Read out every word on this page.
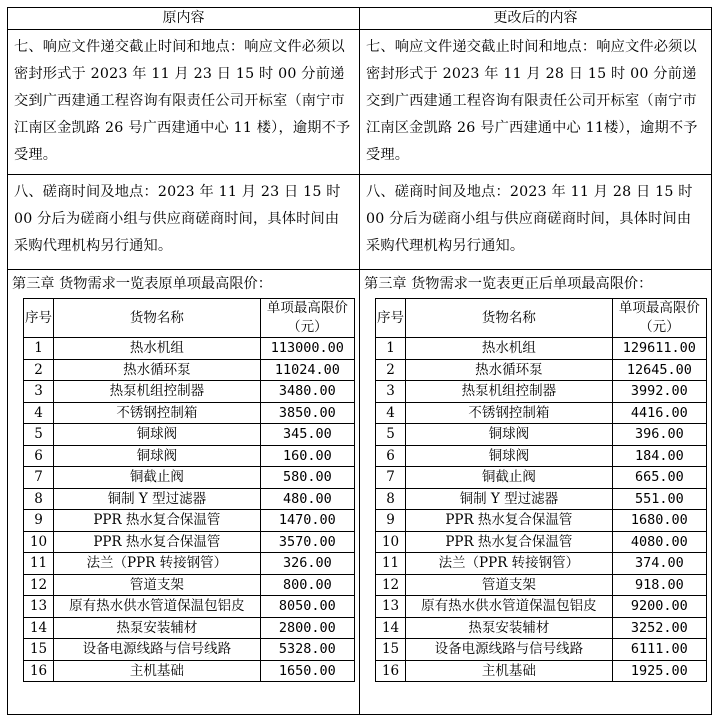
原内容	更改后的内容
七、响应文件递交截止时间和地点：响应文件必须以密封形式于 2023 年 11 月 23 日 15 时 00 分前递交到广西建通工程咨询有限责任公司开标室（南宁市江南区金凯路 26 号广西建通中心 11 楼），逾期不予受理。	七、响应文件递交截止时间和地点：响应文件必须以密封形式于 2023 年 11 月 28 日 15 时 00 分前递交到广西建通工程咨询有限责任公司开标室（南宁市江南区金凯路 26 号广西建通中心 11楼），逾期不予受理。
八、磋商时间及地点：2023 年 11 月 23 日 15 时 00 分后为磋商小组与供应商磋商时间，具体时间由采购代理机构另行通知。	八、磋商时间及地点：2023 年 11 月 28 日 15 时 00 分后为磋商小组与供应商磋商时间，具体时间由采购代理机构另行通知。

第三章 货物需求一览表原单项最高限价：
序号	货物名称	单项最高限价（元）
1	热水机组	113000.00
2	热水循环泵	11024.00
3	热泵机组控制器	3480.00
4	不锈钢控制箱	3850.00
5	铜球阀	345.00
6	铜球阀	160.00
7	铜截止阀	580.00
8	铜制 Y 型过滤器	480.00
9	PPR 热水复合保温管	1470.00
10	PPR 热水复合保温管	3570.00
11	法兰（PPR 转接钢管）	326.00
12	管道支架	800.00
13	原有热水供水管道保温包铝皮	8050.00
14	热泵安装辅材	2800.00
15	设备电源线路与信号线路	5328.00
16	主机基础	1650.00

第三章 货物需求一览表更正后单项最高限价：
序号	货物名称	单项最高限价（元）
1	热水机组	129611.00
2	热水循环泵	12645.00
3	热泵机组控制器	3992.00
4	不锈钢控制箱	4416.00
5	铜球阀	396.00
6	铜球阀	184.00
7	铜截止阀	665.00
8	铜制 Y 型过滤器	551.00
9	PPR 热水复合保温管	1680.00
10	PPR 热水复合保温管	4080.00
11	法兰（PPR 转接钢管）	374.00
12	管道支架	918.00
13	原有热水供水管道保温包铝皮	9200.00
14	热泵安装辅材	3252.00
15	设备电源线路与信号线路	6111.00
16	主机基础	1925.00
